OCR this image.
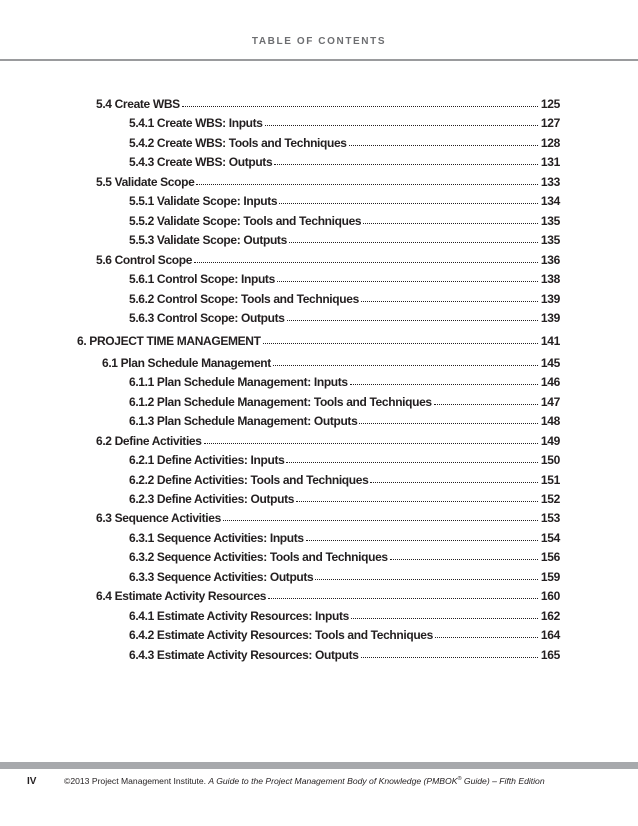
TABLE OF CONTENTS
5.4 Create WBS	125
5.4.1 Create WBS: Inputs	127
5.4.2 Create WBS: Tools and Techniques	128
5.4.3 Create WBS: Outputs	131
5.5 Validate Scope	133
5.5.1 Validate Scope: Inputs	134
5.5.2 Validate Scope: Tools and Techniques	135
5.5.3 Validate Scope: Outputs	135
5.6 Control Scope	136
5.6.1 Control Scope: Inputs	138
5.6.2 Control Scope: Tools and Techniques	139
5.6.3 Control Scope: Outputs	139
6. PROJECT TIME MANAGEMENT	141
6.1 Plan Schedule Management	145
6.1.1 Plan Schedule Management: Inputs	146
6.1.2 Plan Schedule Management: Tools and Techniques	147
6.1.3 Plan Schedule Management: Outputs	148
6.2 Define Activities	149
6.2.1 Define Activities: Inputs	150
6.2.2 Define Activities: Tools and Techniques	151
6.2.3 Define Activities: Outputs	152
6.3 Sequence Activities	153
6.3.1 Sequence Activities: Inputs	154
6.3.2 Sequence Activities: Tools and Techniques	156
6.3.3 Sequence Activities: Outputs	159
6.4 Estimate Activity Resources	160
6.4.1 Estimate Activity Resources: Inputs	162
6.4.2 Estimate Activity Resources: Tools and Techniques	164
6.4.3 Estimate Activity Resources: Outputs	165
IV	©2013 Project Management Institute. A Guide to the Project Management Body of Knowledge (PMBOK® Guide) – Fifth Edition
